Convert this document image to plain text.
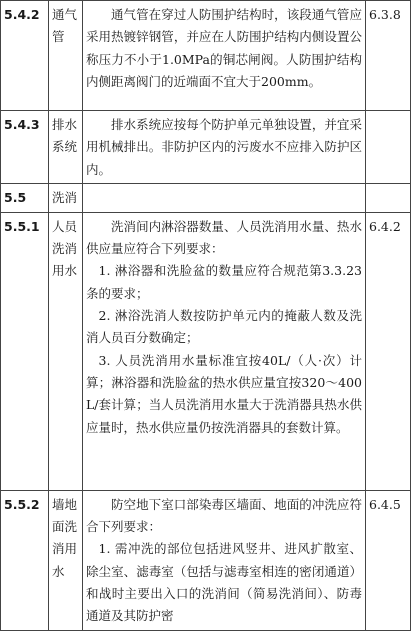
5.4.2	通气管	通气管在穿过人防围护结构时，该段通气管应采用热镀锌钢管，并应在人防围护结构内侧设置公称压力不小于1.0MPa的铜芯闸阀。人防围护结构内侧距离阀门的近端面不宜大于200mm。	6.3.8
5.4.3	排水系统	排水系统应按每个防护单元单独设置，并宜采用机械排出。非防护区内的污废水不应排入防护区内。	

5.5	洗消		
5.5.1	人员洗消用水	洗消间内淋浴器数量、人员洗消用水量、热水供应量应符合下列要求：

1. 淋浴器和洗脸盆的数量应符合规范第3.3.23条的要求；

2. 淋浴洗消人数按防护单元内的掩蔽人数及洗消人员百分数确定；

3. 人员洗消用水量标准宜按40L/（人·次）计算；淋浴器和洗脸盆的热水供应量宜按320～400L/套计算；当人员洗消用水量大于洗消器具热水供应量时，热水供应量仍按洗消器具的套数计算。	6.4.2
5.5.2	墙地面洗消用水	防空地下室口部染毒区墙面、地面的冲洗应符合下列要求：

1. 需冲洗的部位包括进风竖井、进风扩散室、除尘室、滤毒室（包括与滤毒室相连的密闭通道）和战时主要出入口的洗消间（简易洗消间）、防毒通道及其防护密	6.4.5
